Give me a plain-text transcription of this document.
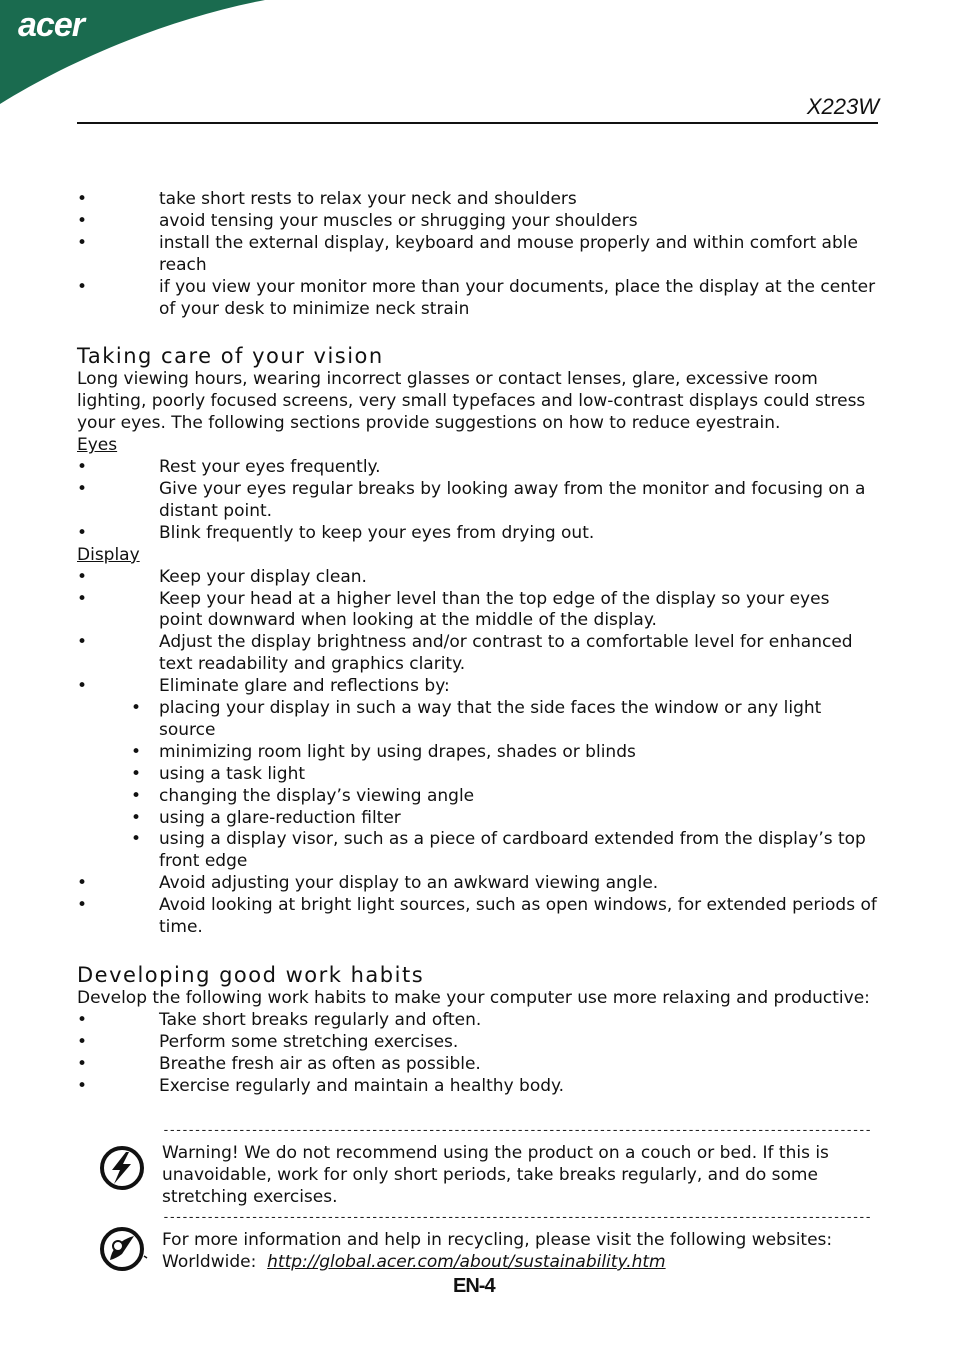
acer
X223W
• take short rests to relax your neck and shoulders
• avoid tensing your muscles or shrugging your shoulders
• install the external display, keyboard and mouse properly and within comfort able reach
• if you view your monitor more than your documents, place the display at the center of your desk to minimize neck strain
Taking care of your vision

Long viewing hours, wearing incorrect glasses or contact lenses, glare, excessive room lighting, poorly focused screens, very small typefaces and low-contrast displays could stress your eyes. The following sections provide suggestions on how to reduce eyestrain.

Eyes
• Rest your eyes frequently.
• Give your eyes regular breaks by looking away from the monitor and focusing on a distant point.
• Blink frequently to keep your eyes from drying out.
Display
• Keep your display clean.
• Keep your head at a higher level than the top edge of the display so your eyes point downward when looking at the middle of the display.
• Adjust the display brightness and/or contrast to a comfortable level for enhanced text readability and graphics clarity.
• Eliminate glare and reflections by:
• placing your display in such a way that the side faces the window or any light source
• minimizing room light by using drapes, shades or blinds
• using a task light
• changing the display’s viewing angle
• using a glare-reduction filter
• using a display visor, such as a piece of cardboard extended from the display’s top front edge
• Avoid adjusting your display to an awkward viewing angle.
• Avoid looking at bright light sources, such as open windows, for extended periods of time.
Developing good work habits

Develop the following work habits to make your computer use more relaxing and productive:

• Take short breaks regularly and often.
• Perform some stretching exercises.
• Breathe fresh air as often as possible.
• Exercise regularly and maintain a healthy body.
-----
Warning! We do not recommend using the product on a couch or bed. If this is unavoidable, work for only short periods, take breaks regularly, and do some stretching exercises.
-----
For more information and help in recycling, please visit the following websites:
Worldwide: http://global.acer.com/about/sustainability.htm
EN-4
